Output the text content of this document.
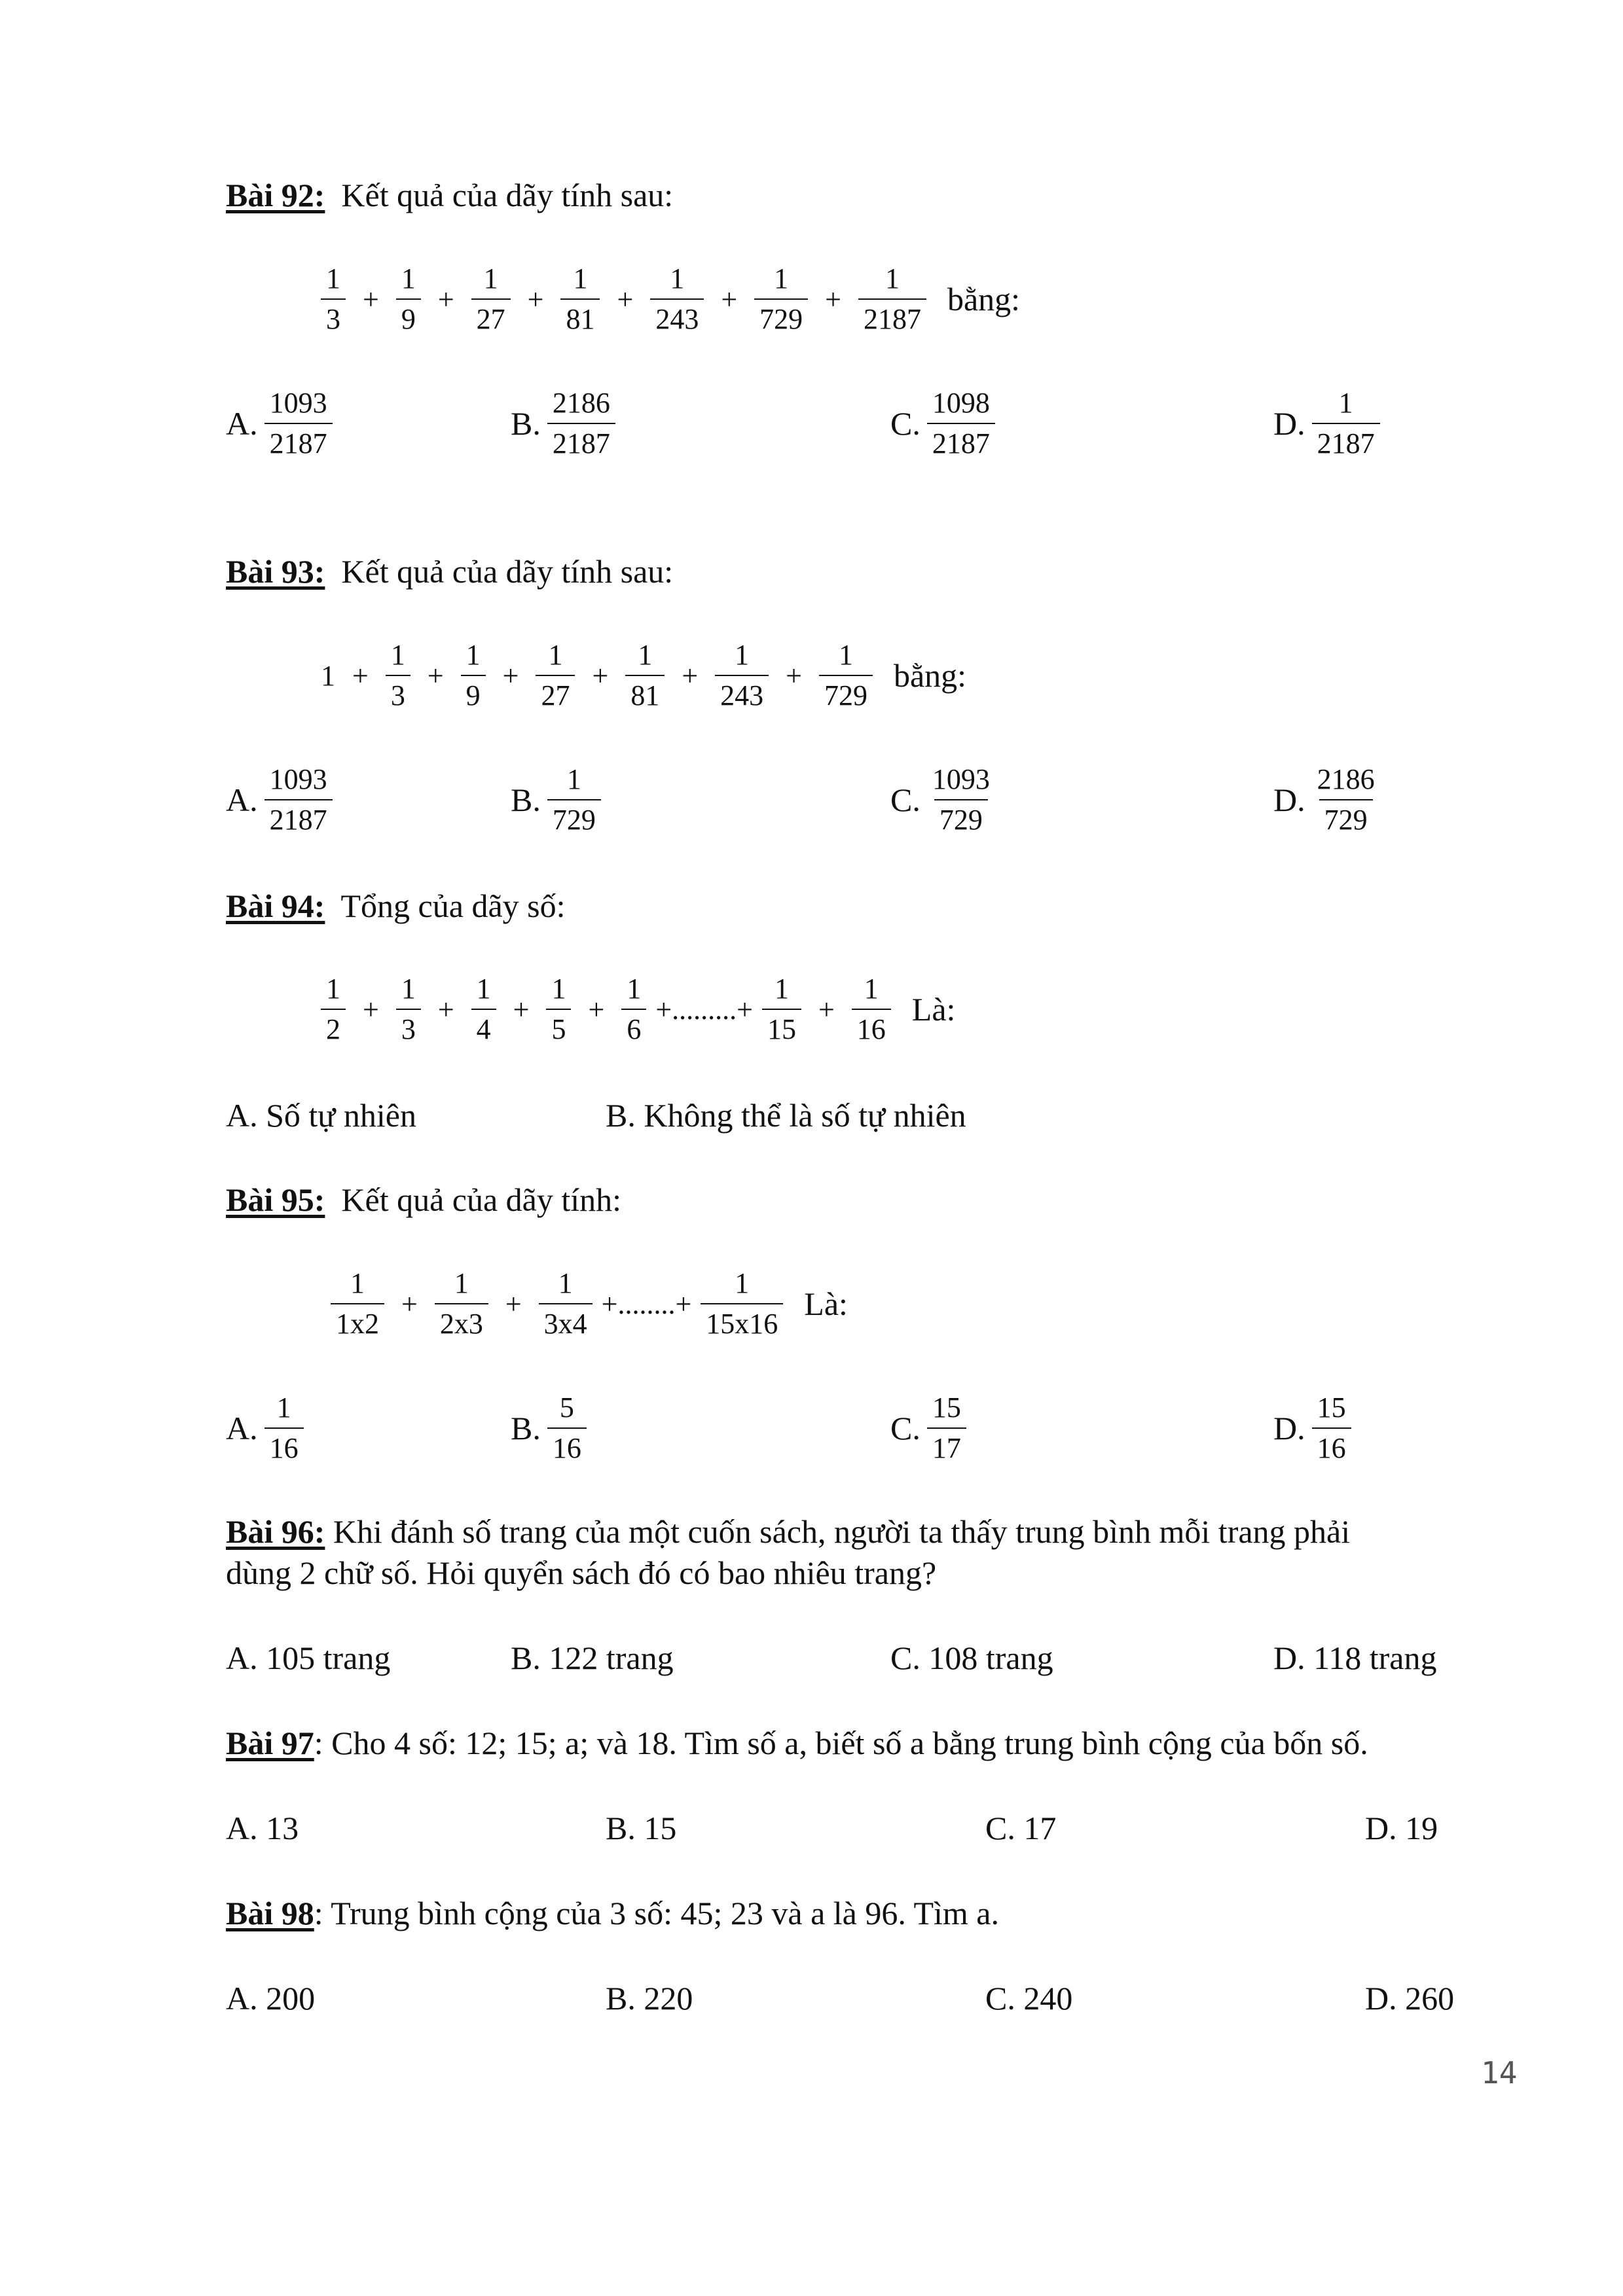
Bài 92: Kết quả của dãy tính sau:
$\frac{1}{3} + \frac{1}{9} + \frac{1}{27} + \frac{1}{81} + \frac{1}{243} + \frac{1}{729} + \frac{1}{2187}$ bằng:
A. $\frac{1093}{2187}$	B. $\frac{2186}{2187}$	C. $\frac{1098}{2187}$	D. $\frac{1}{2187}$
Bài 93: Kết quả của dãy tính sau:
$1 + \frac{1}{3} + \frac{1}{9} + \frac{1}{27} + \frac{1}{81} + \frac{1}{243} + \frac{1}{729}$ bằng:
A. $\frac{1093}{2187}$	B. $\frac{1}{729}$	C. $\frac{1093}{729}$	D. $\frac{2186}{729}$
Bài 94: Tổng của dãy số:
$\frac{1}{2} + \frac{1}{3} + \frac{1}{4} + \frac{1}{5} + \frac{1}{6}$ +.........+ $\frac{1}{15} + \frac{1}{16}$ Là:
A. Số tự nhiên	B. Không thể là số tự nhiên
Bài 95: Kết quả của dãy tính:
$\frac{1}{1x2} + \frac{1}{2x3} + \frac{1}{3x4}$ +........+ $\frac{1}{15x16}$ Là:
A. $\frac{1}{16}$	B. $\frac{5}{16}$	C. $\frac{15}{17}$	D. $\frac{15}{16}$
Bài 96: Khi đánh số trang của một cuốn sách, người ta thấy trung bình mỗi trang phải
dùng 2 chữ số. Hỏi quyển sách đó có bao nhiêu trang?
A. 105 trang	B. 122 trang	C. 108 trang	D. 118 trang
Bài 97: Cho 4 số: 12; 15; a; và 18. Tìm số a, biết số a bằng trung bình cộng của bốn số.
A. 13	B. 15	C. 17	D. 19
Bài 98: Trung bình cộng của 3 số: 45; 23 và a là 96. Tìm a.
A. 200	B. 220	C. 240	D. 260
14
